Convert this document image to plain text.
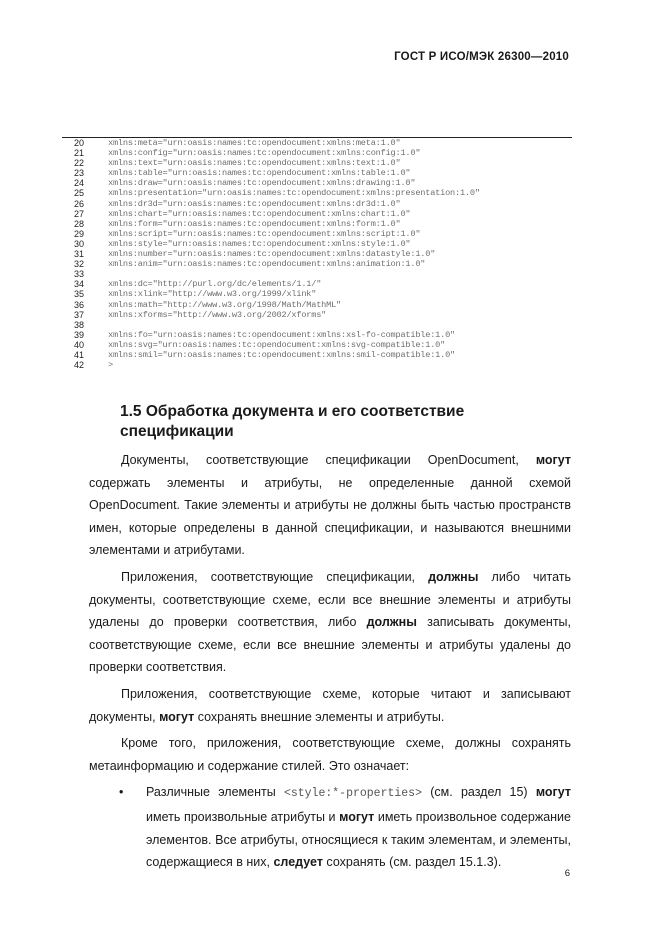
ГОСТ Р ИСО/МЭК 26300—2010
20	xmlns:meta="urn:oasis:names:tc:opendocument:xmlns:meta:1.0"
21	xmlns:config="urn:oasis:names:tc:opendocument:xmlns:config:1.0"
22	xmlns:text="urn:oasis:names:tc:opendocument:xmlns:text:1.0"
23	xmlns:table="urn:oasis:names:tc:opendocument:xmlns:table:1.0"
24	xmlns:draw="urn:oasis:names:tc:opendocument:xmlns:drawing:1.0"
25	xmlns:presentation="urn:oasis:names:tc:opendocument:xmlns:presentation:1.0"
26	xmlns:dr3d="urn:oasis:names:tc:opendocument:xmlns:dr3d:1.0"
27	xmlns:chart="urn:oasis:names:tc:opendocument:xmlns:chart:1.0"
28	xmlns:form="urn:oasis:names:tc:opendocument:xmlns:form:1.0"
29	xmlns:script="urn:oasis:names:tc:opendocument:xmlns:script:1.0"
30	xmlns:style="urn:oasis:names:tc:opendocument:xmlns:style:1.0"
31	xmlns:number="urn:oasis:names:tc:opendocument:xmlns:datastyle:1.0"
32	xmlns:anim="urn:oasis:names:tc:opendocument:xmlns:animation:1.0"
33
34	xmlns:dc="http://purl.org/dc/elements/1.1/"
35	xmlns:xlink="http://www.w3.org/1999/xlink"
36	xmlns:math="http://www.w3.org/1998/Math/MathML"
37	xmlns:xforms="http://www.w3.org/2002/xforms"
38
39	xmlns:fo="urn:oasis:names:tc:opendocument:xmlns:xsl-fo-compatible:1.0"
40	xmlns:svg="urn:oasis:names:tc:opendocument:xmlns:svg-compatible:1.0"
41	xmlns:smil="urn:oasis:names:tc:opendocument:xmlns:smil-compatible:1.0"
42	>
1.5 Обработка документа и его соответствие спецификации

Документы, соответствующие спецификации OpenDocument, могут содержать элементы и атрибуты, не определенные данной схемой OpenDocument. Такие элементы и атрибуты не должны быть частью пространств имен, которые определены в данной спецификации, и называются внешними элементами и атрибутами.

Приложения, соответствующие спецификации, должны либо читать документы, соответствующие схеме, если все внешние элементы и атрибуты удалены до проверки соответствия, либо должны записывать документы, соответствующие схеме, если все внешние элементы и атрибуты удалены до проверки соответствия.

Приложения, соответствующие схеме, которые читают и записывают документы, могут сохранять внешние элементы и атрибуты.

Кроме того, приложения, соответствующие схеме, должны сохранять метаинформацию и содержание стилей. Это означает:

•	Различные элементы <style:*-properties> (см. раздел 15) могут иметь произвольные атрибуты и могут иметь произвольное содержание элементов. Все атрибуты, относящиеся к таким элементам, и элементы, содержащиеся в них, следует сохранять (см. раздел 15.1.3).
6
